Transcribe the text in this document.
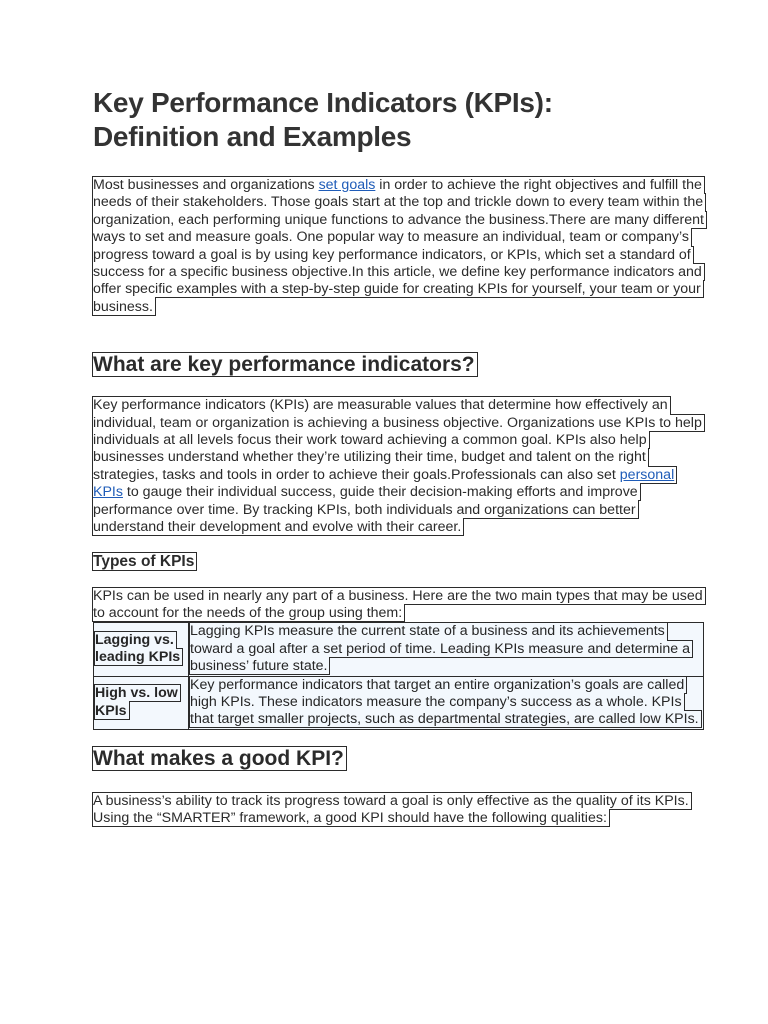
Key Performance Indicators (KPIs):
Definition and Examples

Most businesses and organizations set goals in order to achieve the right objectives and fulfill the needs of their stakeholders. Those goals start at the top and trickle down to every team within the organization, each performing unique functions to advance the business.There are many different ways to set and measure goals. One popular way to measure an individual, team or company’s progress toward a goal is by using key performance indicators, or KPIs, which set a standard of success for a specific business objective.In this article, we define key performance indicators and offer specific examples with a step-by-step guide for creating KPIs for yourself, your team or your business.

What are key performance indicators?

Key performance indicators (KPIs) are measurable values that determine how effectively an individual, team or organization is achieving a business objective. Organizations use KPIs to help individuals at all levels focus their work toward achieving a common goal. KPIs also help businesses understand whether they’re utilizing their time, budget and talent on the right strategies, tasks and tools in order to achieve their goals.Professionals can also set personal KPIs to gauge their individual success, guide their decision-making efforts and improve performance over time. By tracking KPIs, both individuals and organizations can better understand their development and evolve with their career.

Types of KPIs

KPIs can be used in nearly any part of a business. Here are the two main types that may be used to account for the needs of the group using them:

Lagging vs. leading KPIs	Lagging KPIs measure the current state of a business and its achievements toward a goal after a set period of time. Leading KPIs measure and determine a business’ future state.
High vs. low KPIs	Key performance indicators that target an entire organization’s goals are called high KPIs. These indicators measure the company’s success as a whole. KPIs that target smaller projects, such as departmental strategies, are called low KPIs.
What makes a good KPI?

A business’s ability to track its progress toward a goal is only effective as the quality of its KPIs. Using the “SMARTER” framework, a good KPI should have the following qualities:
